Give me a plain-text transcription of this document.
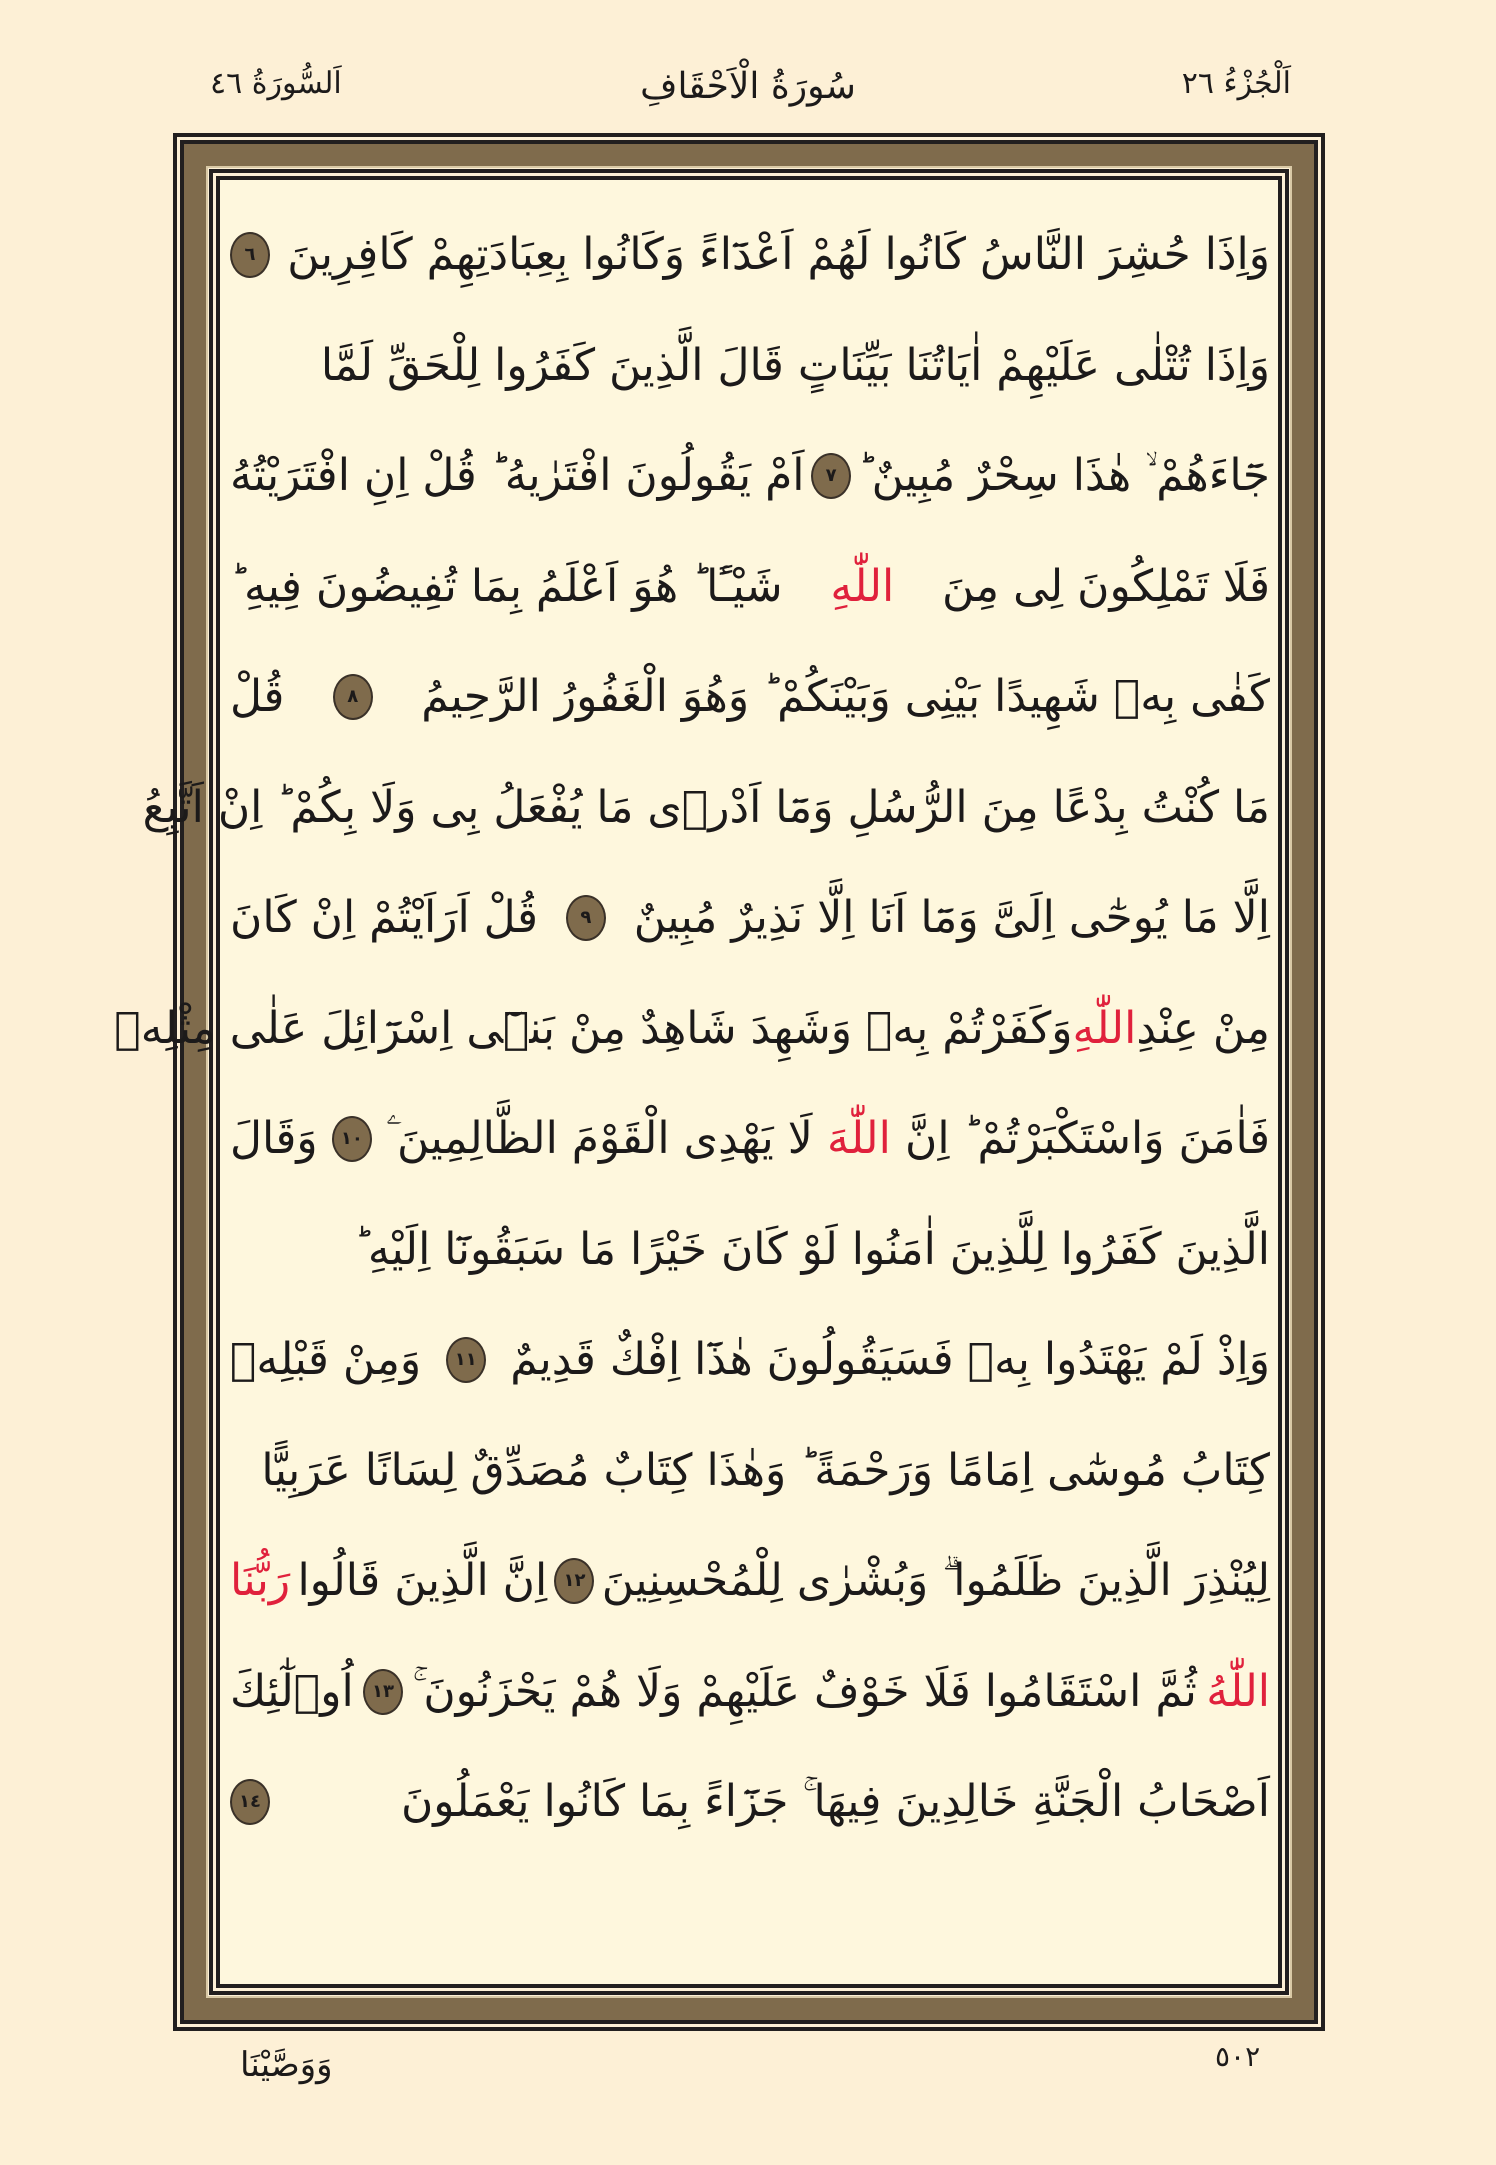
اَلْجُزْءُ ٢٦
سُورَةُ الْاَحْقَافِ
اَلسُّورَةُ ٤٦
وَاِذَا حُشِرَ النَّاسُ كَانُوا لَهُمْ اَعْدَٓاءً وَكَانُوا بِعِبَادَتِهِمْ كَافِرِينَ
٦
وَاِذَا تُتْلٰى عَلَيْهِمْ اٰيَاتُنَا بَيِّنَاتٍ قَالَ الَّذِينَ كَفَرُوا لِلْحَقِّ لَمَّا
جَٓاءَهُمْ ۙ هٰذَا سِحْرٌ مُبِينٌ ؕ
٧
اَمْ يَقُولُونَ افْتَرٰيهُ ؕ قُلْ اِنِ افْتَرَيْتُهُ
فَلَا تَمْلِكُونَ لِى مِنَ
اللّٰهِ
شَيْـًٔا ؕ هُوَ اَعْلَمُ بِمَا تُفِيضُونَ فِيهِ ؕ
كَفٰى بِهٖ شَهِيدًا بَيْنِى وَبَيْنَكُمْ ؕ وَهُوَ الْغَفُورُ الرَّحِيمُ
٨
قُلْ
مَا كُنْتُ بِدْعًا مِنَ الرُّسُلِ وَمَٓا اَدْرٖى مَا يُفْعَلُ بِى وَلَا بِكُمْ ؕ اِنْ اَتَّبِعُ
اِلَّا مَا يُوحٰٓى اِلَىَّ وَمَٓا اَنَا اِلَّا نَذِيرٌ مُبِينٌ
٩
قُلْ اَرَاَيْتُمْ اِنْ كَانَ
مِنْ عِنْدِ
اللّٰهِ
وَكَفَرْتُمْ بِهٖ وَشَهِدَ شَاهِدٌ مِنْ بَنٖٓى اِسْرَٓائِلَ عَلٰى مِثْلِهٖ
فَاٰمَنَ وَاسْتَكْبَرْتُمْ ؕ اِنَّ
اللّٰهَ
لَا يَهْدِى الْقَوْمَ الظَّالِمِينَ ۧ
١٠
وَقَالَ
الَّذِينَ كَفَرُوا لِلَّذِينَ اٰمَنُوا لَوْ كَانَ خَيْرًا مَا سَبَقُونَٓا اِلَيْهِ ؕ
وَاِذْ لَمْ يَهْتَدُوا بِهٖ فَسَيَقُولُونَ هٰذَٓا اِفْكٌ قَدِيمٌ
١١
وَمِنْ قَبْلِهٖ
كِتَابُ مُوسٰٓى اِمَامًا وَرَحْمَةً ؕ وَهٰذَا كِتَابٌ مُصَدِّقٌ لِسَانًا عَرَبِيًّا
لِيُنْذِرَ الَّذِينَ ظَلَمُوا ۗ وَبُشْرٰى لِلْمُحْسِنِينَ
١٢
اِنَّ الَّذِينَ قَالُوا
رَبُّنَا
اللّٰهُ
ثُمَّ اسْتَقَامُوا فَلَا خَوْفٌ عَلَيْهِمْ وَلَا هُمْ يَحْزَنُونَ ۚ
١٣
اُو۬لٰٓئِكَ
اَصْحَابُ الْجَنَّةِ خَالِدِينَ فِيهَا ۚ جَزَٓاءً بِمَا كَانُوا يَعْمَلُونَ
١٤
٥٠٢
وَوَصَّيْنَا
